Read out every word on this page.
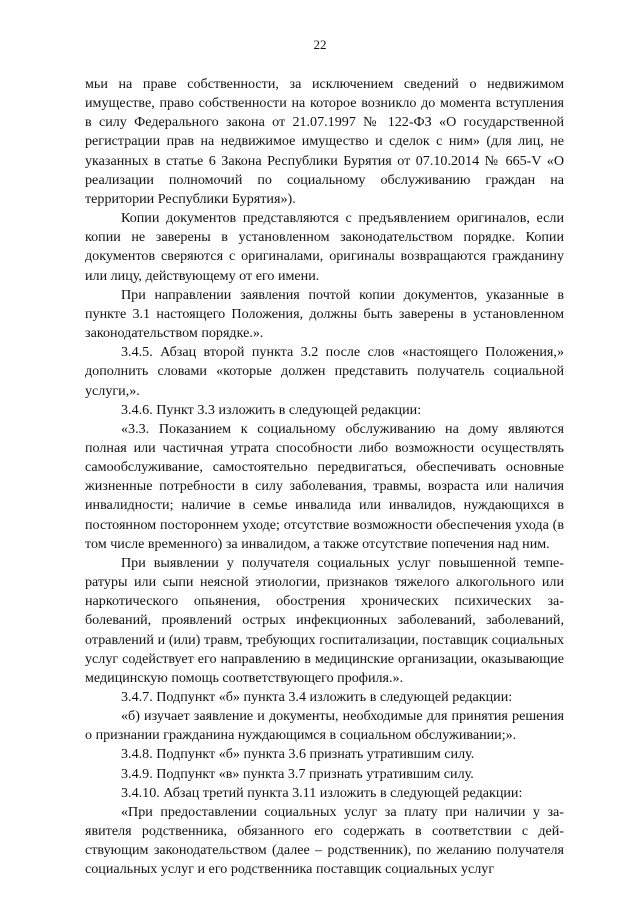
22

мьи на праве собственности, за исключением сведений о недвижимом имуществе, право собственности на которое возникло до момента вступления в силу Федерального закона от 21.07.1997 № 122-ФЗ «О государственной регистрации прав на недвижимое имущество и сделок с ним» (для лиц, не указанных в статье 6 Закона Республики Бурятия от 07.10.2014 № 665-V «О реализации полномочий по социальному обслуживанию граждан на территории Республики Бурятия»).

Копии документов представляются с предъявлением оригиналов, если копии не заверены в установленном законодательством порядке. Копии документов сверяются с оригиналами, оригиналы возвращаются гражданину или лицу, действующему от его имени.

При направлении заявления почтой копии документов, указанные в пункте 3.1 настоящего Положения, должны быть заверены в установленном законодательством порядке.».

3.4.5. Абзац второй пункта 3.2 после слов «настоящего Положения,» дополнить словами «которые должен представить получатель социальной услуги,».

3.4.6. Пункт 3.3 изложить в следующей редакции:

«3.3. Показанием к социальному обслуживанию на дому являются полная или частичная утрата способности либо возможности осуществлять самообслуживание, самостоятельно передвигаться, обеспечивать основные жизненные потребности в силу заболевания, травмы, возраста или наличия инвалидности; наличие в семье инвалида или инвалидов, нуждающихся в постоянном постороннем уходе; отсутствие возможности обеспечения ухода (в том числе временного) за инвалидом, а также отсутствие попечения над ним.

При выявлении у получателя социальных услуг повышенной температуры или сыпи неясной этиологии, признаков тяжелого алкогольного или наркотического опьянения, обострения хронических психических заболеваний, проявлений острых инфекционных заболеваний, заболеваний, отравлений и (или) травм, требующих госпитализации, поставщик социальных услуг содействует его направлению в медицинские организации, оказывающие медицинскую помощь соответствующего профиля.».

3.4.7. Подпункт «б» пункта 3.4 изложить в следующей редакции:

«б) изучает заявление и документы, необходимые для принятия решения о признании гражданина нуждающимся в социальном обслуживании;».

3.4.8. Подпункт «б» пункта 3.6 признать утратившим силу.

3.4.9. Подпункт «в» пункта 3.7 признать утратившим силу.

3.4.10. Абзац третий пункта 3.11 изложить в следующей редакции:

«При предоставлении социальных услуг за плату при наличии у заявителя родственника, обязанного его содержать в соответствии с действующим законодательством (далее – родственник), по желанию получателя социальных услуг и его родственника поставщик социальных услуг
